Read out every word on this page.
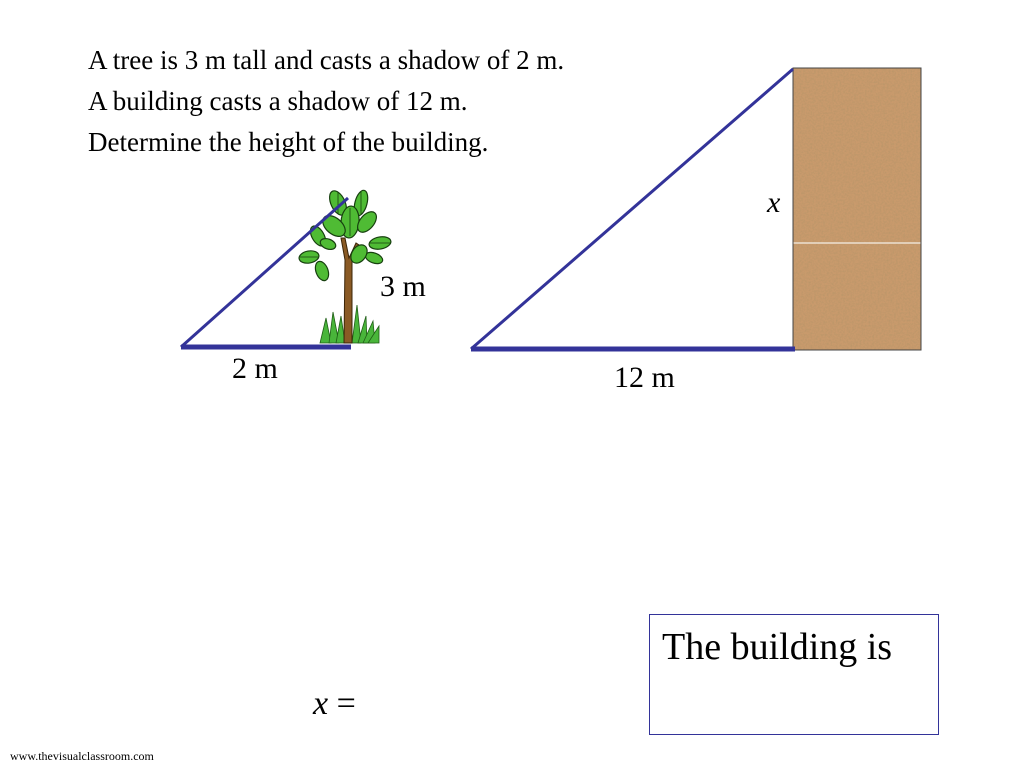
A tree is 3 m tall and casts a shadow of 2 m.
A building casts a shadow of 12 m.
Determine the height of the building.
3 m
2 m	12 m
x
x =
The building is
www.thevisualclassroom.com
